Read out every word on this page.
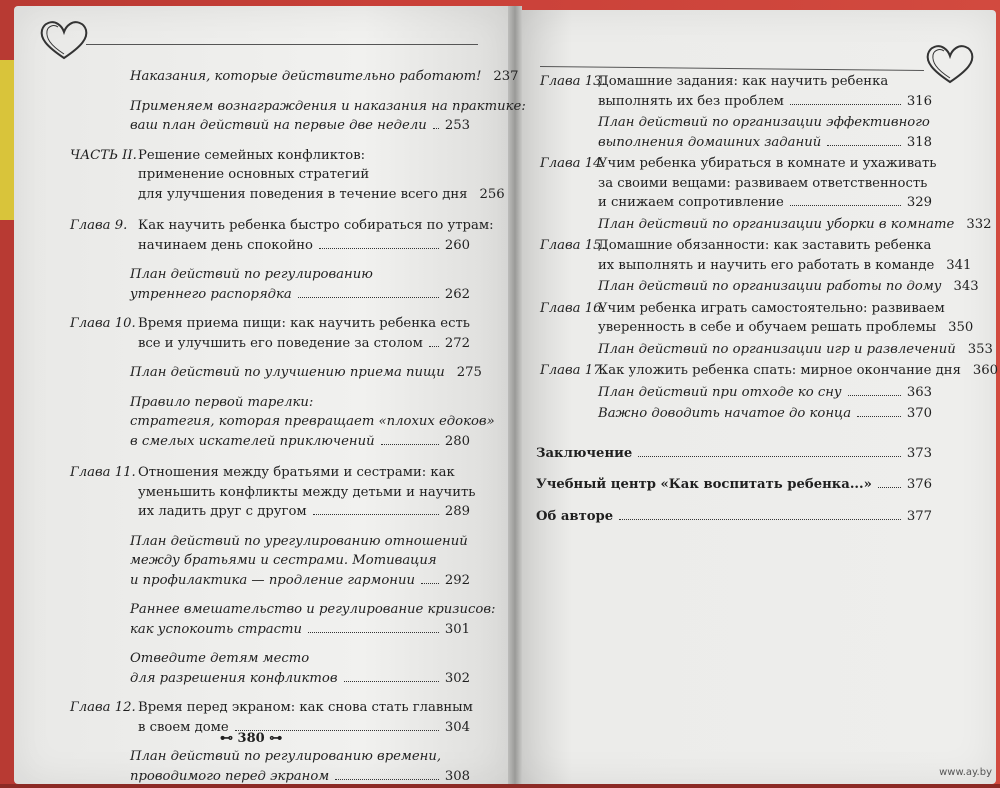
Наказания, которые действительно работают! 237
Применяем вознаграждения и наказания на практике:
ваш план действий на первые две недели 253
ЧАСТЬ II. Решение семейных конфликтов:
применение основных стратегий
для улучшения поведения в течение всего дня 256
Глава 9. Как научить ребенка быстро собираться по утрам:
начинаем день спокойно	260
План действий по регулированию
утреннего распорядка	262
Глава 10. Время приема пищи: как научить ребенка есть
все и улучшить его поведение за столом 272
План действий по улучшению приема пищи 275
Правило первой тарелки:
стратегия, которая превращает «плохих едоков»
в смелых искателей приключений	280
Глава 11. Отношения между братьями и сестрами: как
уменьшить конфликты между детьми и научить
их ладить друг с другом	289
План действий по урегулированию отношений
между братьями и сестрами. Мотивация
и профилактика — продление гармонии 292
Раннее вмешательство и регулирование кризисов:
как успокоить страсти	301
Отведите детям место
для разрешения конфликтов	302
Глава 12. Время перед экраном: как снова стать главным
в своем доме	304
План действий по регулированию времени,
проводимого перед экраном	308
Глава 13.
Домашние задания: как научить ребенка
выполнять их без проблем	316
План действий по организации эффективного
выполнения домашних заданий	318
Глава 14.
Учим ребенка убираться в комнате и ухаживать
за своими вещами: развиваем ответственность
и снижаем сопротивление	329
План действий по организации уборки в комнате 332
Глава 15.
Домашние обязанности: как заставить ребенка
их выполнять и научить его работать в команде 341
План действий по организации работы по дому 343
Глава 16.
Учим ребенка играть самостоятельно: развиваем
уверенность в себе и обучаем решать проблемы 350
План действий по организации игр и развлечений 353
Глава 17.
Как уложить ребенка спать: мирное окончание дня 360
План действий при отходе ко сну	363
Важно доводить начатое до конца	370
Заключение	373
Учебный центр «Как воспитать ребенка...»	376
Об авторе	377
⊷ 380 ⊶
www.ay.by
